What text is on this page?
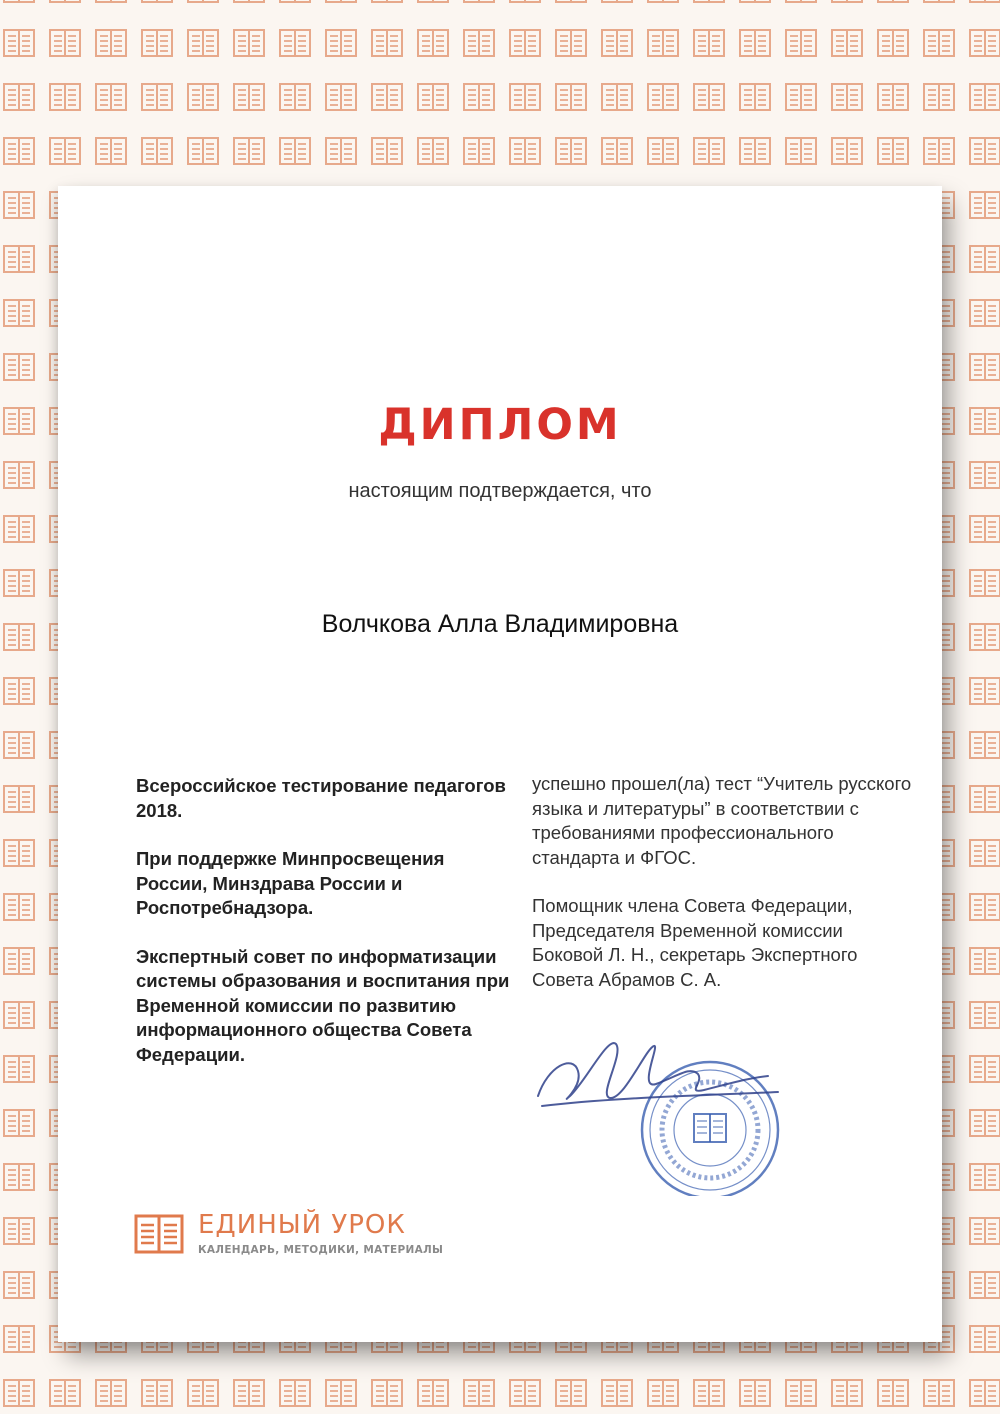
ДИПЛОМ
настоящим подтверждается, что
Волчкова Алла Владимировна

Всероссийское тестирование педагогов 2018.

При поддержке Минпросвещения России, Минздрава России и Роспотребнадзора.

Экспертный совет по информатизации системы образования и воспитания при Временной комиссии по развитию информационного общества Совета Федерации.

успешно прошел(ла) тест “Учитель русского языка и литературы” в соответствии с требованиями профессионального стандарта и ФГОС.

Помощник члена Совета Федерации, Председателя Временной комиссии Боковой Л. Н., секретарь Экспертного Совета Абрамов С. А.

ЕДИНЫЙ УРОК
КАЛЕНДАРЬ, МЕТОДИКИ, МАТЕРИАЛЫ
